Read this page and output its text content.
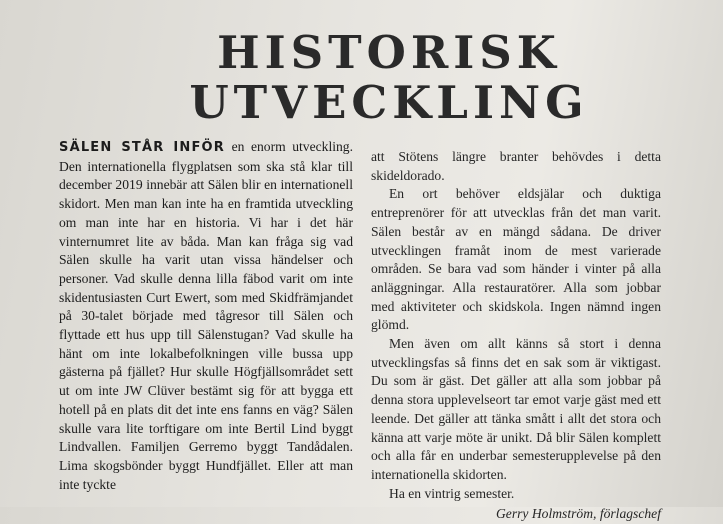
HISTORISK
UTVECKLING

SÄLEN STÅR INFÖR en enorm utveckling. Den internationella flygplatsen som ska stå klar till december 2019 innebär att Sälen blir en internationell skidort. Men man kan inte ha en framtida utveckling om man inte har en historia. Vi har i det här vinternumret lite av båda. Man kan fråga sig vad Sälen skulle ha varit utan vissa händelser och personer. Vad skulle denna lilla fäbod varit om inte skidentusiasten Curt Ewert, som med Skidfrämjandet på 30-talet började med tågresor till Sälen och flyttade ett hus upp till Sälenstugan? Vad skulle ha hänt om inte lokalbefolkningen ville bussa upp gästerna på fjället? Hur skulle Högfjällsområdet sett ut om inte JW Clüver bestämt sig för att bygga ett hotell på en plats dit det inte ens fanns en väg? Sälen skulle vara lite torftigare om inte Bertil Lind byggt Lindvallen. Familjen Gerremo byggt Tandådalen. Lima skogsbönder byggt Hundfjället. Eller att man inte tyckte

att Stötens längre branter behövdes i detta skideldorado.

En ort behöver eldsjälar och duktiga entreprenörer för att utvecklas från det man varit. Sälen består av en mängd sådana. De driver utvecklingen framåt inom de mest varierade områden. Se bara vad som händer i vinter på alla anläggningar. Alla restauratörer. Alla som jobbar med aktiviteter och skidskola. Ingen nämnd ingen glömd.

Men även om allt känns så stort i denna utvecklingsfas så finns det en sak som är viktigast. Du som är gäst. Det gäller att alla som jobbar på denna stora upplevelseort tar emot varje gäst med ett leende. Det gäller att tänka smått i allt det stora och känna att varje möte är unikt. Då blir Sälen komplett och alla får en underbar semesterupplevelse på den internationella skidorten.

Ha en vintrig semester.

Gerry Holmström, förlagschef
